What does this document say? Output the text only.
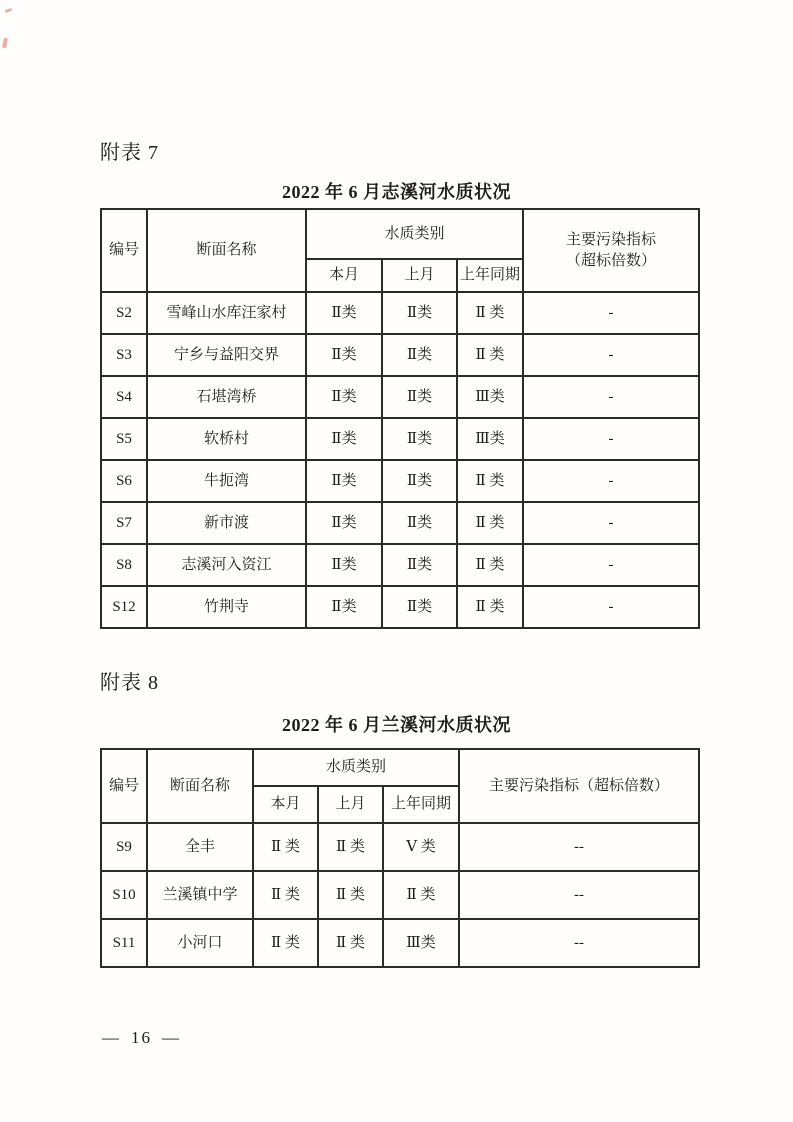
附表 7
2022 年 6 月志溪河水质状况
编号	断面名称	水质类别			主要污染指标
（超标倍数）
		本月	上月	上年同期	
S2	雪峰山水库汪家村	Ⅱ类	Ⅱ类	Ⅱ 类	-
S3	宁乡与益阳交界	Ⅱ类	Ⅱ类	Ⅱ 类	-
S4	石堪湾桥	Ⅱ类	Ⅱ类	Ⅲ类	-
S5	软桥村	Ⅱ类	Ⅱ类	Ⅲ类	-
S6	牛扼湾	Ⅱ类	Ⅱ类	Ⅱ 类	-
S7	新市渡	Ⅱ类	Ⅱ类	Ⅱ 类	-
S8	志溪河入资江	Ⅱ类	Ⅱ类	Ⅱ 类	-
S12	竹荆寺	Ⅱ类	Ⅱ类	Ⅱ 类	-
附表 8
2022 年 6 月兰溪河水质状况
编号	断面名称	水质类别			主要污染指标（超标倍数）
		本月	上月	上年同期	
S9	全丰	Ⅱ 类	Ⅱ 类	Ⅴ 类	--
S10	兰溪镇中学	Ⅱ 类	Ⅱ 类	Ⅱ 类	--
S11	小河口	Ⅱ 类	Ⅱ 类	Ⅲ类	--
— 16 —
